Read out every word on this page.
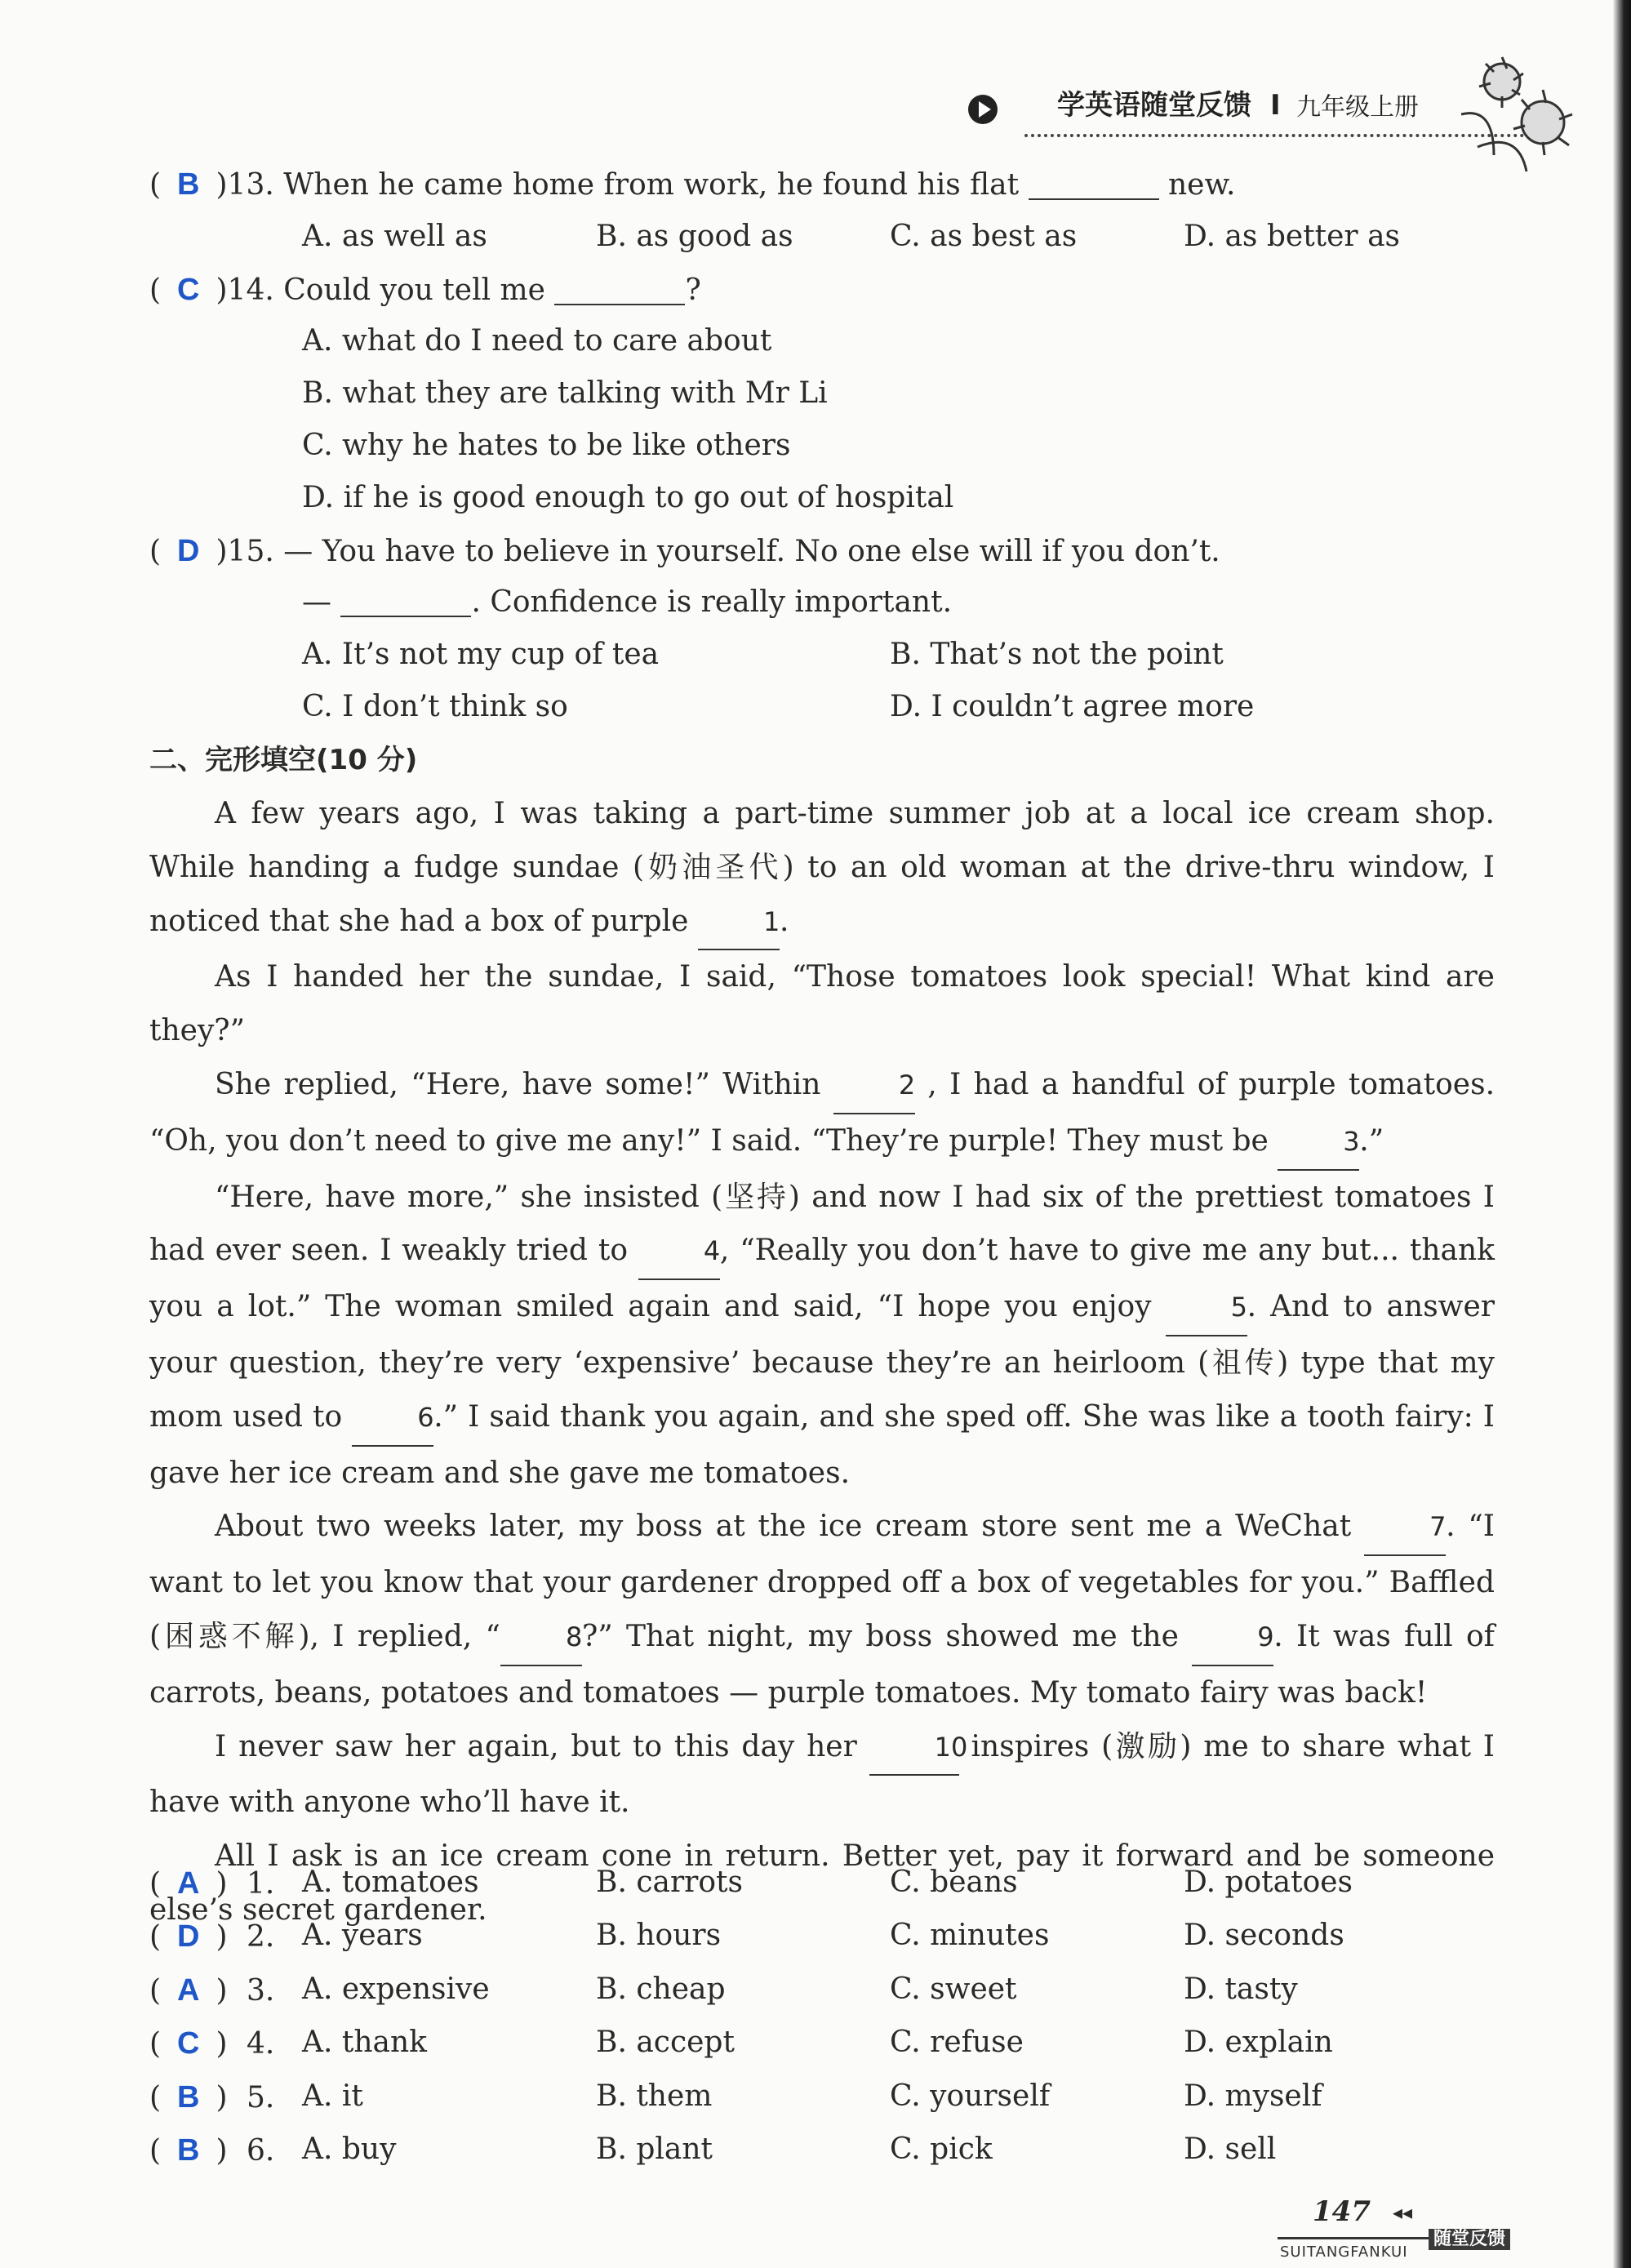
学英语随堂反馈 I 九年级上册
( B )13. When he came home from work, he found his flat	new.
A. as well as	B. as good as	C. as best as	D. as better as
( C )14. Could you tell me	?
A. what do I need to care about
B. what they are talking with Mr Li
C. why he hates to be like others
D. if he is good enough to go out of hospital
( D )15. — You have to believe in yourself. No one else will if you don’t.
—	. Confidence is really important.
A. It’s not my cup of tea	B. That’s not the point
C. I don’t think so	D. I couldn’t agree more
二、完形填空(10 分)

A few years ago, I was taking a part-time summer job at a local ice cream shop. While handing a fudge sundae (奶油圣代) to an old woman at the drive-thru window, I noticed that she had a box of purple	1.

As I handed her the sundae, I said, “Those tomatoes look special! What kind are they?”

She replied, “Here, have some!” Within	2 , I had a handful of purple tomatoes. “Oh, you don’t need to give me any!” I said. “They’re purple! They must be	3.”

“Here, have more,” she insisted (坚持) and now I had six of the prettiest tomatoes I had ever seen. I weakly tried to	4, “Really you don’t have to give me any but... thank you a lot.” The woman smiled again and said, “I hope you enjoy	5. And to answer your question, they’re very ‘expensive’ because they’re an heirloom (祖传) type that my mom used to	6.” I said thank you again, and she sped off. She was like a tooth fairy: I gave her ice cream and she gave me tomatoes.

About two weeks later, my boss at the ice cream store sent me a WeChat	7. “I want to let you know that your gardener dropped off a box of vegetables for you.” Baffled (困惑不解), I replied, “	8?” That night, my boss showed me the	9. It was full of carrots, beans, potatoes and tomatoes — purple tomatoes. My tomato fairy was back!

I never saw her again, but to this day her	10 inspires (激励) me to share what I have with anyone who’ll have it.

All I ask is an ice cream cone in return. Better yet, pay it forward and be someone else’s secret gardener.

( A ) 1. A. tomatoes	B. carrots	C. beans	D. potatoes
( D ) 2. A. years	B. hours	C. minutes	D. seconds
( A ) 3. A. expensive	B. cheap	C. sweet	D. tasty
( C ) 4. A. thank	B. accept	C. refuse	D. explain
( B ) 5. A. it	B. them	C. yourself	D. myself
( B ) 6. A. buy	B. plant	C. pick	D. sell
147 ◂◂
随堂反馈
SUITANGFANKUI
